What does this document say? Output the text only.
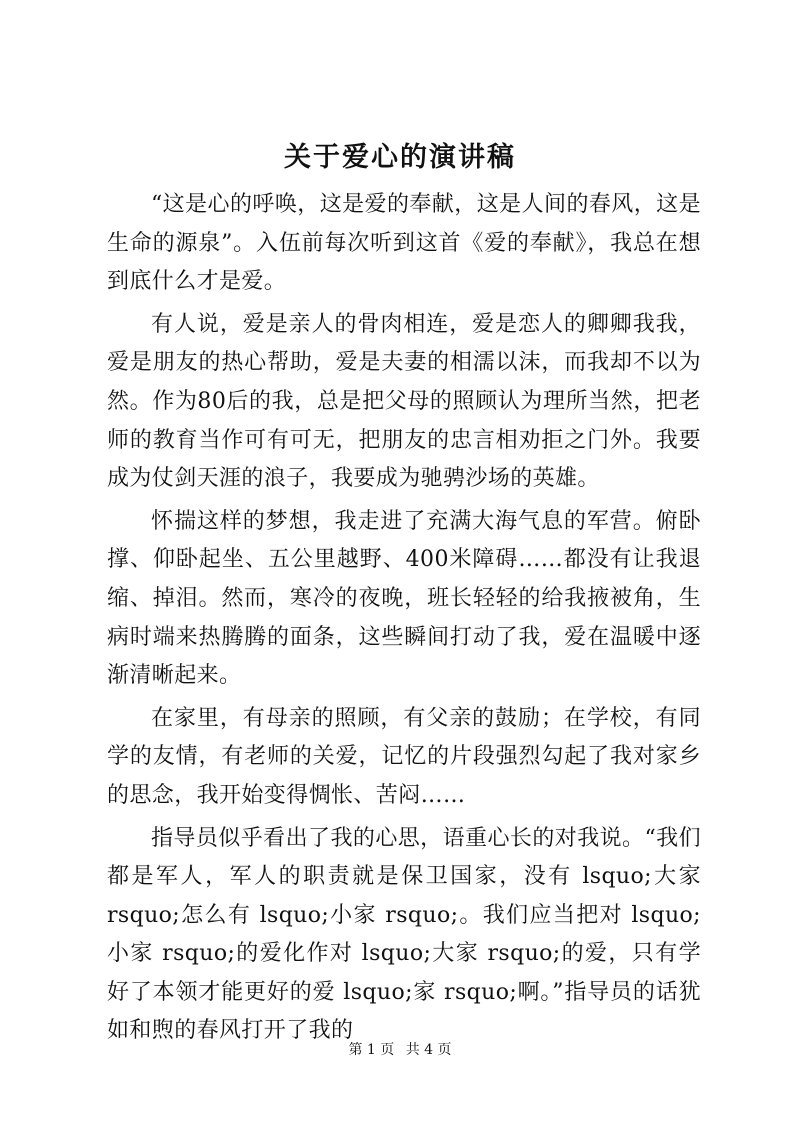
关于爱心的演讲稿

“这是心的呼唤，这是爱的奉献，这是人间的春风，这是生命的源泉”。入伍前每次听到这首《爱的奉献》，我总在想到底什么才是爱。

有人说，爱是亲人的骨肉相连，爱是恋人的卿卿我我，爱是朋友的热心帮助，爱是夫妻的相濡以沫，而我却不以为然。作为80后的我，总是把父母的照顾认为理所当然，把老师的教育当作可有可无，把朋友的忠言相劝拒之门外。我要成为仗剑天涯的浪子，我要成为驰骋沙场的英雄。

怀揣这样的梦想，我走进了充满大海气息的军营。俯卧撑、仰卧起坐、五公里越野、400米障碍……都没有让我退缩、掉泪。然而，寒冷的夜晚，班长轻轻的给我掖被角，生病时端来热腾腾的面条，这些瞬间打动了我，爱在温暖中逐渐清晰起来。

在家里，有母亲的照顾，有父亲的鼓励；在学校，有同学的友情，有老师的关爱，记忆的片段强烈勾起了我对家乡的思念，我开始变得惆怅、苦闷……

指导员似乎看出了我的心思，语重心长的对我说。“我们都是军人，军人的职责就是保卫国家，没有 lsquo;大家 rsquo;怎么有 lsquo;小家 rsquo;。我们应当把对 lsquo;小家 rsquo;的爱化作对 lsquo;大家 rsquo;的爱，只有学好了本领才能更好的爱 lsquo;家 rsquo;啊。”指导员的话犹如和煦的春风打开了我的

第 1 页 共 4 页
